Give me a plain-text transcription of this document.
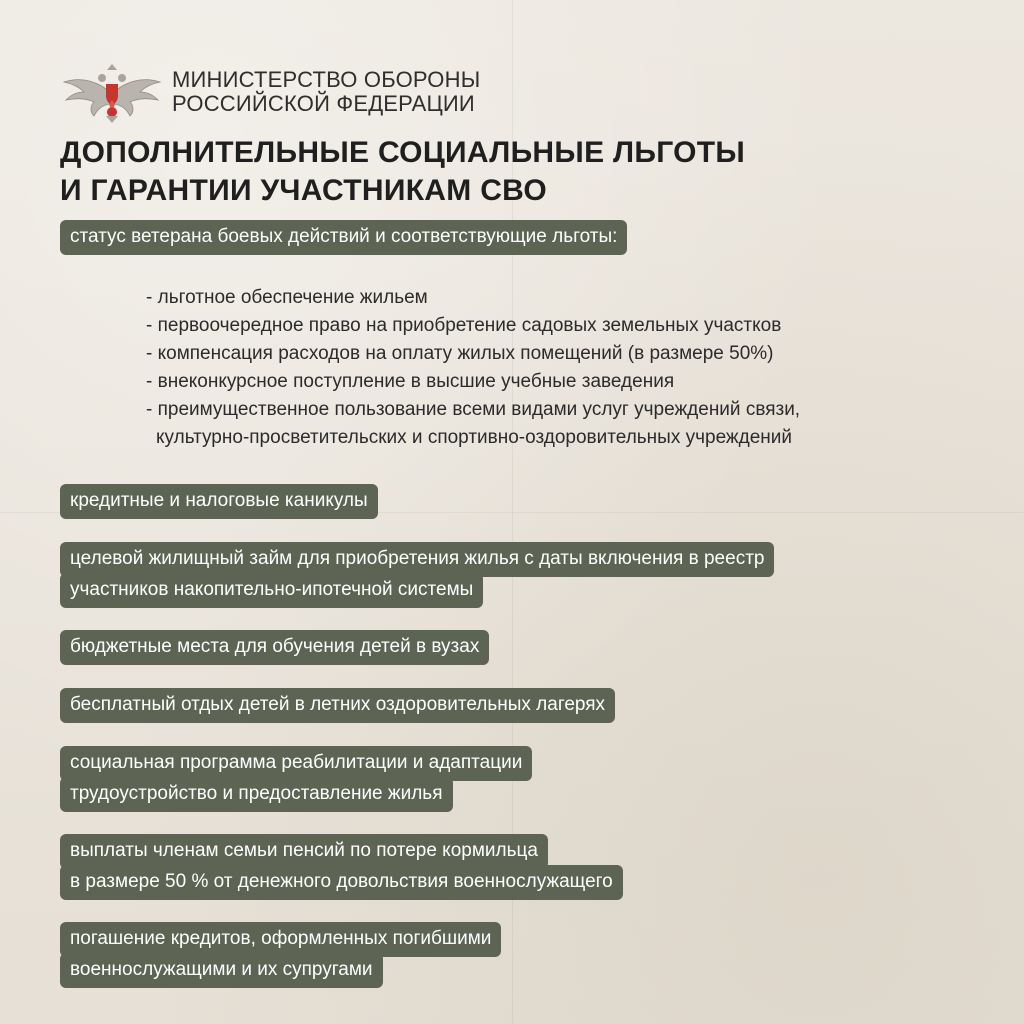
МИНИСТЕРСТВО ОБОРОНЫ
РОССИЙСКОЙ ФЕДЕРАЦИИ
ДОПОЛНИТЕЛЬНЫЕ СОЦИАЛЬНЫЕ ЛЬГОТЫ
И ГАРАНТИИ УЧАСТНИКАМ СВО
статус ветерана боевых действий и соответствующие льготы:
- льготное обеспечение жильем
- первоочередное право на приобретение садовых земельных участков
- компенсация расходов на оплату жилых помещений (в размере 50%)
- внеконкурсное поступление в высшие учебные заведения
- преимущественное пользование всеми видами услуг учреждений связи,
культурно-просветительских и спортивно-оздоровительных учреждений
кредитные и налоговые каникулы
целевой жилищный займ для приобретения жилья с даты включения в реестр
участников накопительно-ипотечной системы
бюджетные места для обучения детей в вузах
бесплатный отдых детей в летних оздоровительных лагерях
социальная программа реабилитации и адаптации
трудоустройство и предоставление жилья
выплаты членам семьи пенсий по потере кормильца
в размере 50 % от денежного довольствия военнослужащего
погашение кредитов, оформленных погибшими
военнослужащими и их супругами
